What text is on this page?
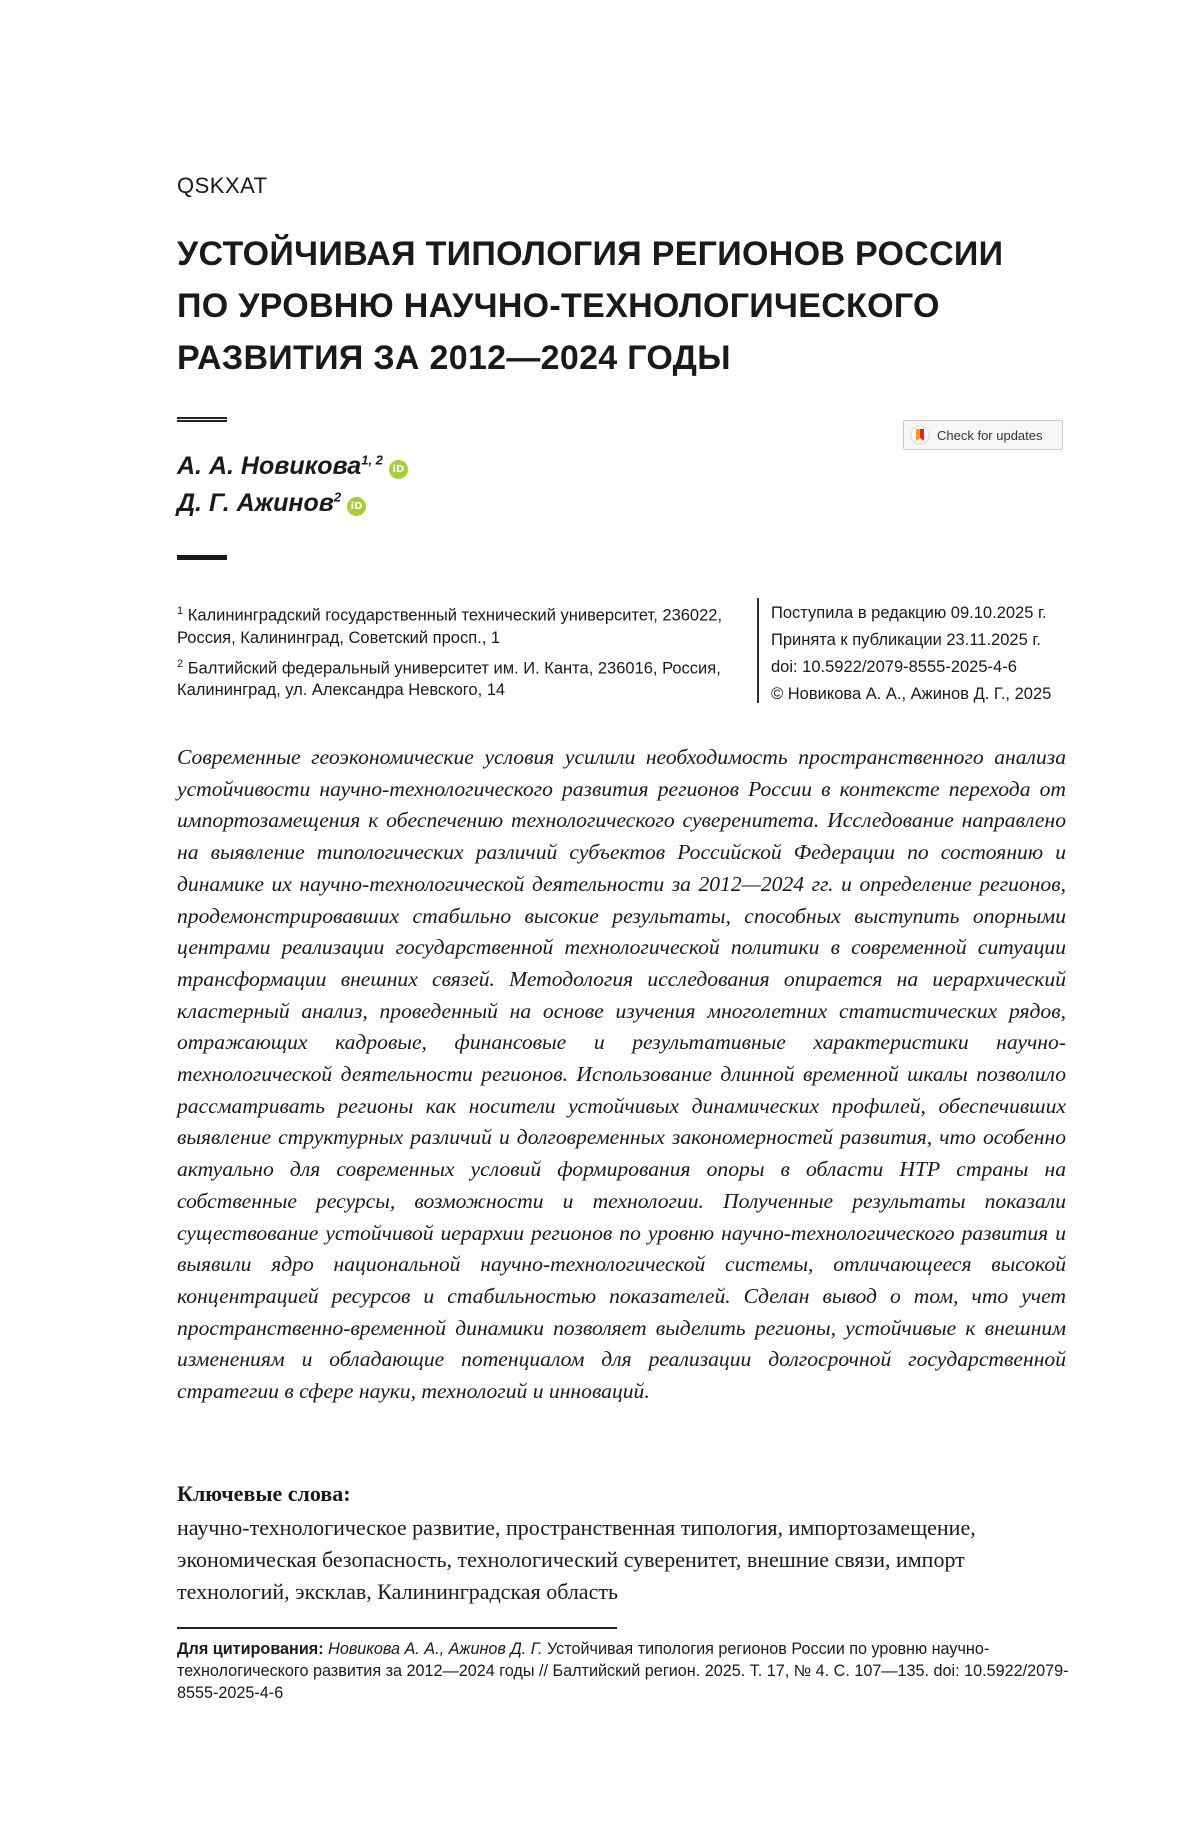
QSKXAT
УСТОЙЧИВАЯ ТИПОЛОГИЯ РЕГИОНОВ РОССИИ
ПО УРОВНЮ НАУЧНО-ТЕХНОЛОГИЧЕСКОГО
РАЗВИТИЯ ЗА 2012—2024 ГОДЫ
Check for updates
А. А. Новикова$^{1, 2}$iD
Д. Г. Ажинов$^2$iD

$^1$ Калининградский государственный технический университет, 236022, Россия, Калининград, Советский просп., 1

$^2$ Балтийский федеральный университет им. И. Канта, 236016, Россия, Калининград, ул. Александра Невского, 14

Поступила в редакцию 09.10.2025 г.
Принята к публикации 23.11.2025 г.
doi: 10.5922/2079-8555-2025-4-6
© Новикова А. А., Ажинов Д. Г., 2025
Современные геоэкономические условия усилили необходимость пространственного анализа устойчивости научно-технологического развития регионов России в контексте перехода от импортозамещения к обеспечению технологического суверенитета. Исследование направлено на выявление типологических различий субъектов Российской Федерации по состоянию и динамике их научно-технологической деятельности за 2012—2024 гг. и определение регионов, продемонстрировавших стабильно высокие результаты, способных выступить опорными центрами реализации государственной технологической политики в современной ситуации трансформации внешних связей. Методология исследования опирается на иерархический кластерный анализ, проведенный на основе изучения многолетних статистических рядов, отражающих кадровые, финансовые и результативные характеристики научно-технологической деятельности регионов. Использование длинной временной шкалы позволило рассматривать регионы как носители устойчивых динамических профилей, обеспечивших выявление структурных различий и долговременных закономерностей развития, что особенно актуально для современных условий формирования опоры в области НТР страны на собственные ресурсы, возможности и технологии. Полученные результаты показали существование устойчивой иерархии регионов по уровню научно-технологического развития и выявили ядро национальной научно-технологической системы, отличающееся высокой концентрацией ресурсов и стабильностью показателей. Сделан вывод о том, что учет пространственно-временной динамики позволяет выделить регионы, устойчивые к внешним изменениям и обладающие потенциалом для реализации долгосрочной государственной стратегии в сфере науки, технологий и инноваций.
Ключевые слова:
научно-технологическое развитие, пространственная типология, импортозамещение, экономическая безопасность, технологический суверенитет, внешние связи, импорт технологий, эксклав, Калининградская область
Для цитирования: Новикова А. А., Ажинов Д. Г. Устойчивая типология регионов России по уровню научно-технологического развития за 2012—2024 годы // Балтийский регион. 2025. Т. 17, № 4. С. 107—135. doi: 10.5922/2079-8555-2025-4-6
